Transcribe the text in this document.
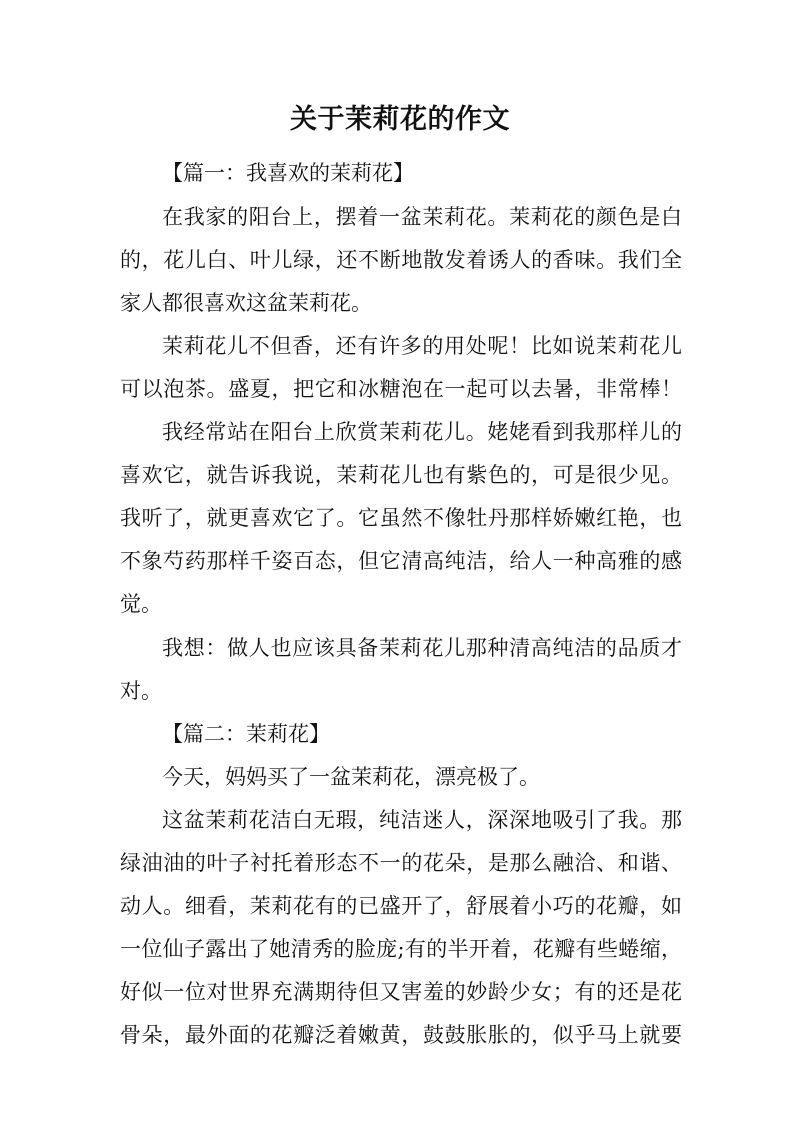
关于茉莉花的作文
【篇一：我喜欢的茉莉花】
在我家的阳台上，摆着一盆茉莉花。茉莉花的颜色是白
的，花儿白、叶儿绿，还不断地散发着诱人的香味。我们全
家人都很喜欢这盆茉莉花。
茉莉花儿不但香，还有许多的用处呢！比如说茉莉花儿
可以泡茶。盛夏，把它和冰糖泡在一起可以去暑，非常棒！
我经常站在阳台上欣赏茉莉花儿。姥姥看到我那样儿的
喜欢它，就告诉我说，茉莉花儿也有紫色的，可是很少见。
我听了，就更喜欢它了。它虽然不像牡丹那样娇嫩红艳，也
不象芍药那样千姿百态，但它清高纯洁，给人一种高雅的感
觉。
我想：做人也应该具备茉莉花儿那种清高纯洁的品质才
对。
【篇二：茉莉花】
今天，妈妈买了一盆茉莉花，漂亮极了。
这盆茉莉花洁白无瑕，纯洁迷人，深深地吸引了我。那
绿油油的叶子衬托着形态不一的花朵，是那么融洽、和谐、
动人。细看，茉莉花有的已盛开了，舒展着小巧的花瓣，如
一位仙子露出了她清秀的脸庞;有的半开着，花瓣有些蜷缩，
好似一位对世界充满期待但又害羞的妙龄少女；有的还是花
骨朵，最外面的花瓣泛着嫩黄，鼓鼓胀胀的，似乎马上就要
